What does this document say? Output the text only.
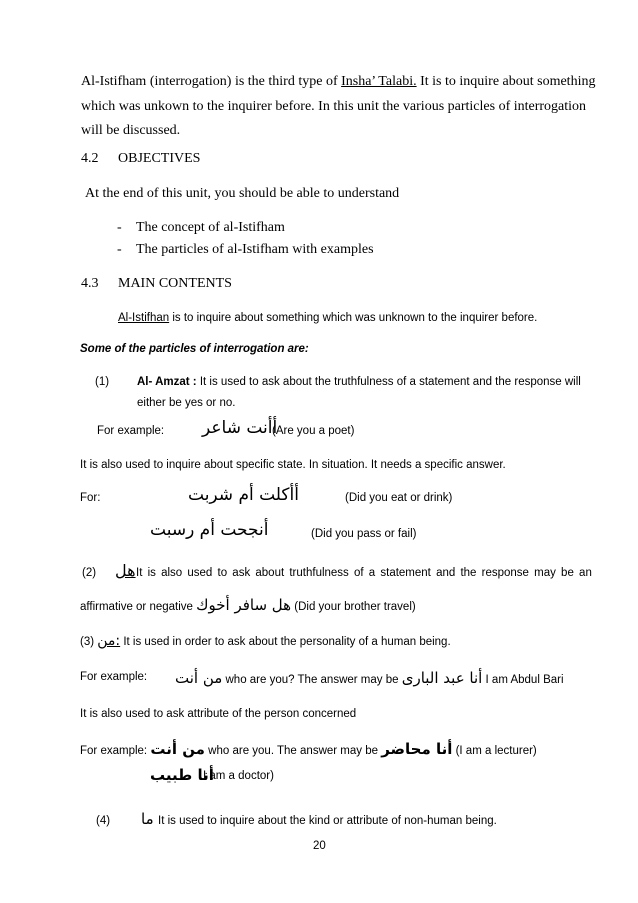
Al-Istifham (interrogation) is the third type of Insha’ Talabi. It is to inquire about something
which was unkown to the inquirer before. In this unit the various particles of interrogation
will be discussed.
4.2 OBJECTIVES
At the end of this unit, you should be able to understand
- The concept of al-Istifham
- The particles of al-Istifham with examples
4.3 MAIN CONTENTS
Al-Istifhan is to inquire about something which was unknown to the inquirer before.
Some of the particles of interrogation are:
(1) Al- Amzat : It is used to ask about the truthfulness of a statement and the response will
either be yes or no.
For example: أأنت شاعر
(Are you a poet)
It is also used to inquire about specific state. In situation. It needs a specific answer.
For:	أأكلت أم شربت	(Did you eat or drink)
أنجحت أم رسبت	(Did you pass or fail)
(2) هل It is also used to ask about truthfulness of a statement and the response may be an
affirmative or negative هل سافر أخوك (Did your brother travel)
(3) :من It is used in order to ask about the personality of a human being.
For example: من أنت who are you? The answer may be أنا عبد البارى I am Abdul Bari
It is also used to ask attribute of the person concerned
For example: من أنت who are you. The answer may be أنا محاضر (I am a lecturer)
أنا طبيب
I am a doctor)
(4) ما It is used to inquire about the kind or attribute of non-human being.
20
